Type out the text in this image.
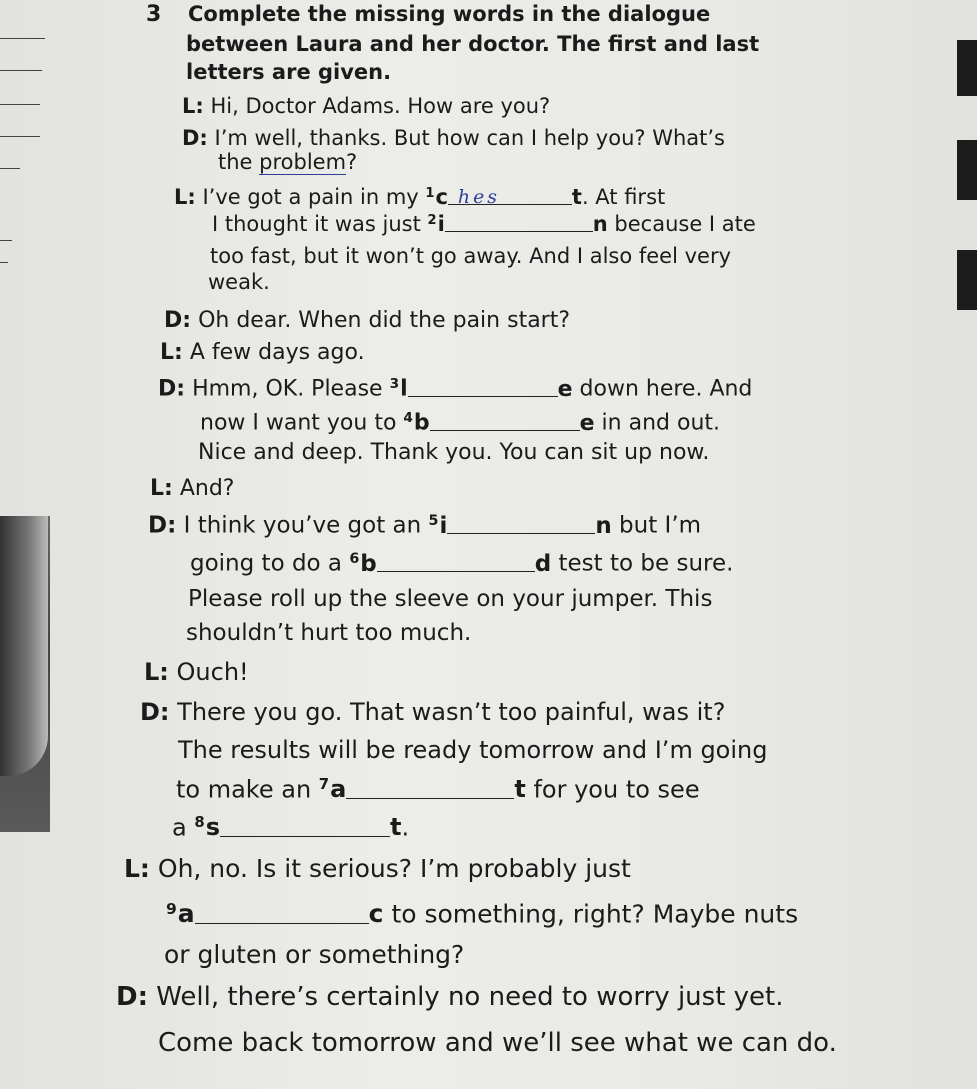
3 Complete the missing words in the dialogue
between Laura and her doctor. The first and last
letters are given.
L: Hi, Doctor Adams. How are you?
D: I’m well, thanks. But how can I help you? What’s
the problem?
L: I’ve got a pain in my $^1$c hes	t. At first
I thought it was just $^2$i	n because I ate
too fast, but it won’t go away. And I also feel very
weak.
D: Oh dear. When did the pain start?
L: A few days ago.
D: Hmm, OK. Please $^3$l	e down here. And
now I want you to $^4$b	e in and out.
Nice and deep. Thank you. You can sit up now.
L: And?
D: I think you’ve got an $^5$i	n but I’m
going to do a $^6$b	d test to be sure.
Please roll up the sleeve on your jumper. This
shouldn’t hurt too much.
L: Ouch!
D: There you go. That wasn’t too painful, was it?
The results will be ready tomorrow and I’m going
to make an $^7$a	t for you to see
a $^8$s	t.
L: Oh, no. Is it serious? I’m probably just
$^9$a	c to something, right? Maybe nuts
or gluten or something?
D: Well, there’s certainly no need to worry just yet.
Come back tomorrow and we’ll see what we can do.
